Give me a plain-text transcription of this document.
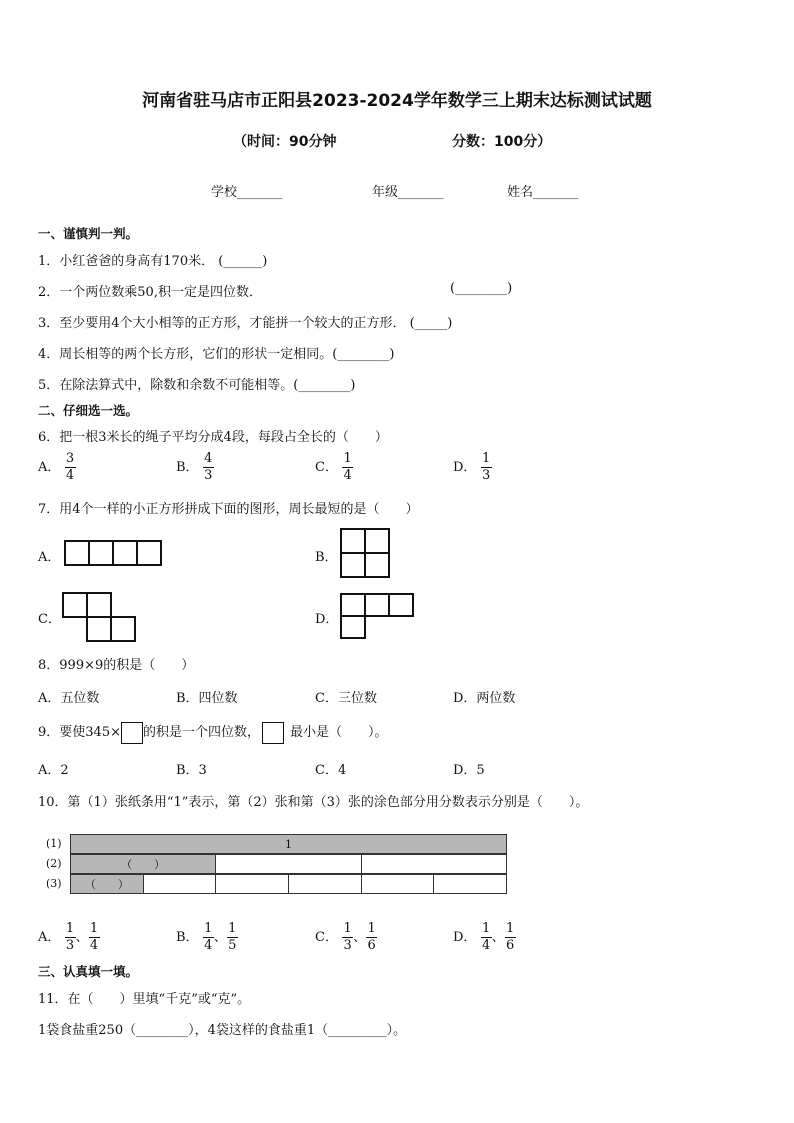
河南省驻马店市正阳县2023-2024学年数学三上期末达标测试试题
（时间：90分钟	分数：100分）
学校_______	年级_______	姓名_______
一、谨慎判一判。
1．小红爸爸的身高有170米． (______)
2．一个两位数乘50,积一定是四位数．	(________)
3．至少要用4个大小相等的正方形，才能拼一个较大的正方形． (_____)
4．周长相等的两个长方形，它们的形状一定相同。(________)
5．在除法算式中，除数和余数不可能相等。(________)
二、仔细选一选。
6．把一根3米长的绳子平均分成4段，每段占全长的（　　）
A． $\frac{3}{4}$	B． $\frac{4}{3}$	C． $\frac{1}{4}$	D． $\frac{1}{3}$
7．用4个一样的小正方形拼成下面的图形，周长最短的是（　　）
A．	B．
C．	D．
8．999×9的积是（　　）
A．五位数	B．四位数	C．三位数	D．两位数
9．要使345× 的积是一个四位数， 最小是（　　）。
A．2	B．3	C．4	D．5
10．第（1）张纸条用“1”表示，第（2）张和第（3）张的涂色部分用分数表示分别是（　　）。
(1)
(2)
(3)
1
（　　）		
（　　）					
A． $\frac{1}{3}$ 、 $\frac{1}{4}$	B． $\frac{1}{4}$ 、 $\frac{1}{5}$	C． $\frac{1}{3}$ 、 $\frac{1}{6}$	D． $\frac{1}{4}$ 、 $\frac{1}{6}$
三、认真填一填。
11．在（　　）里填“千克”或“克”。
1袋食盐重250（________），4袋这样的食盐重1（_________）。
